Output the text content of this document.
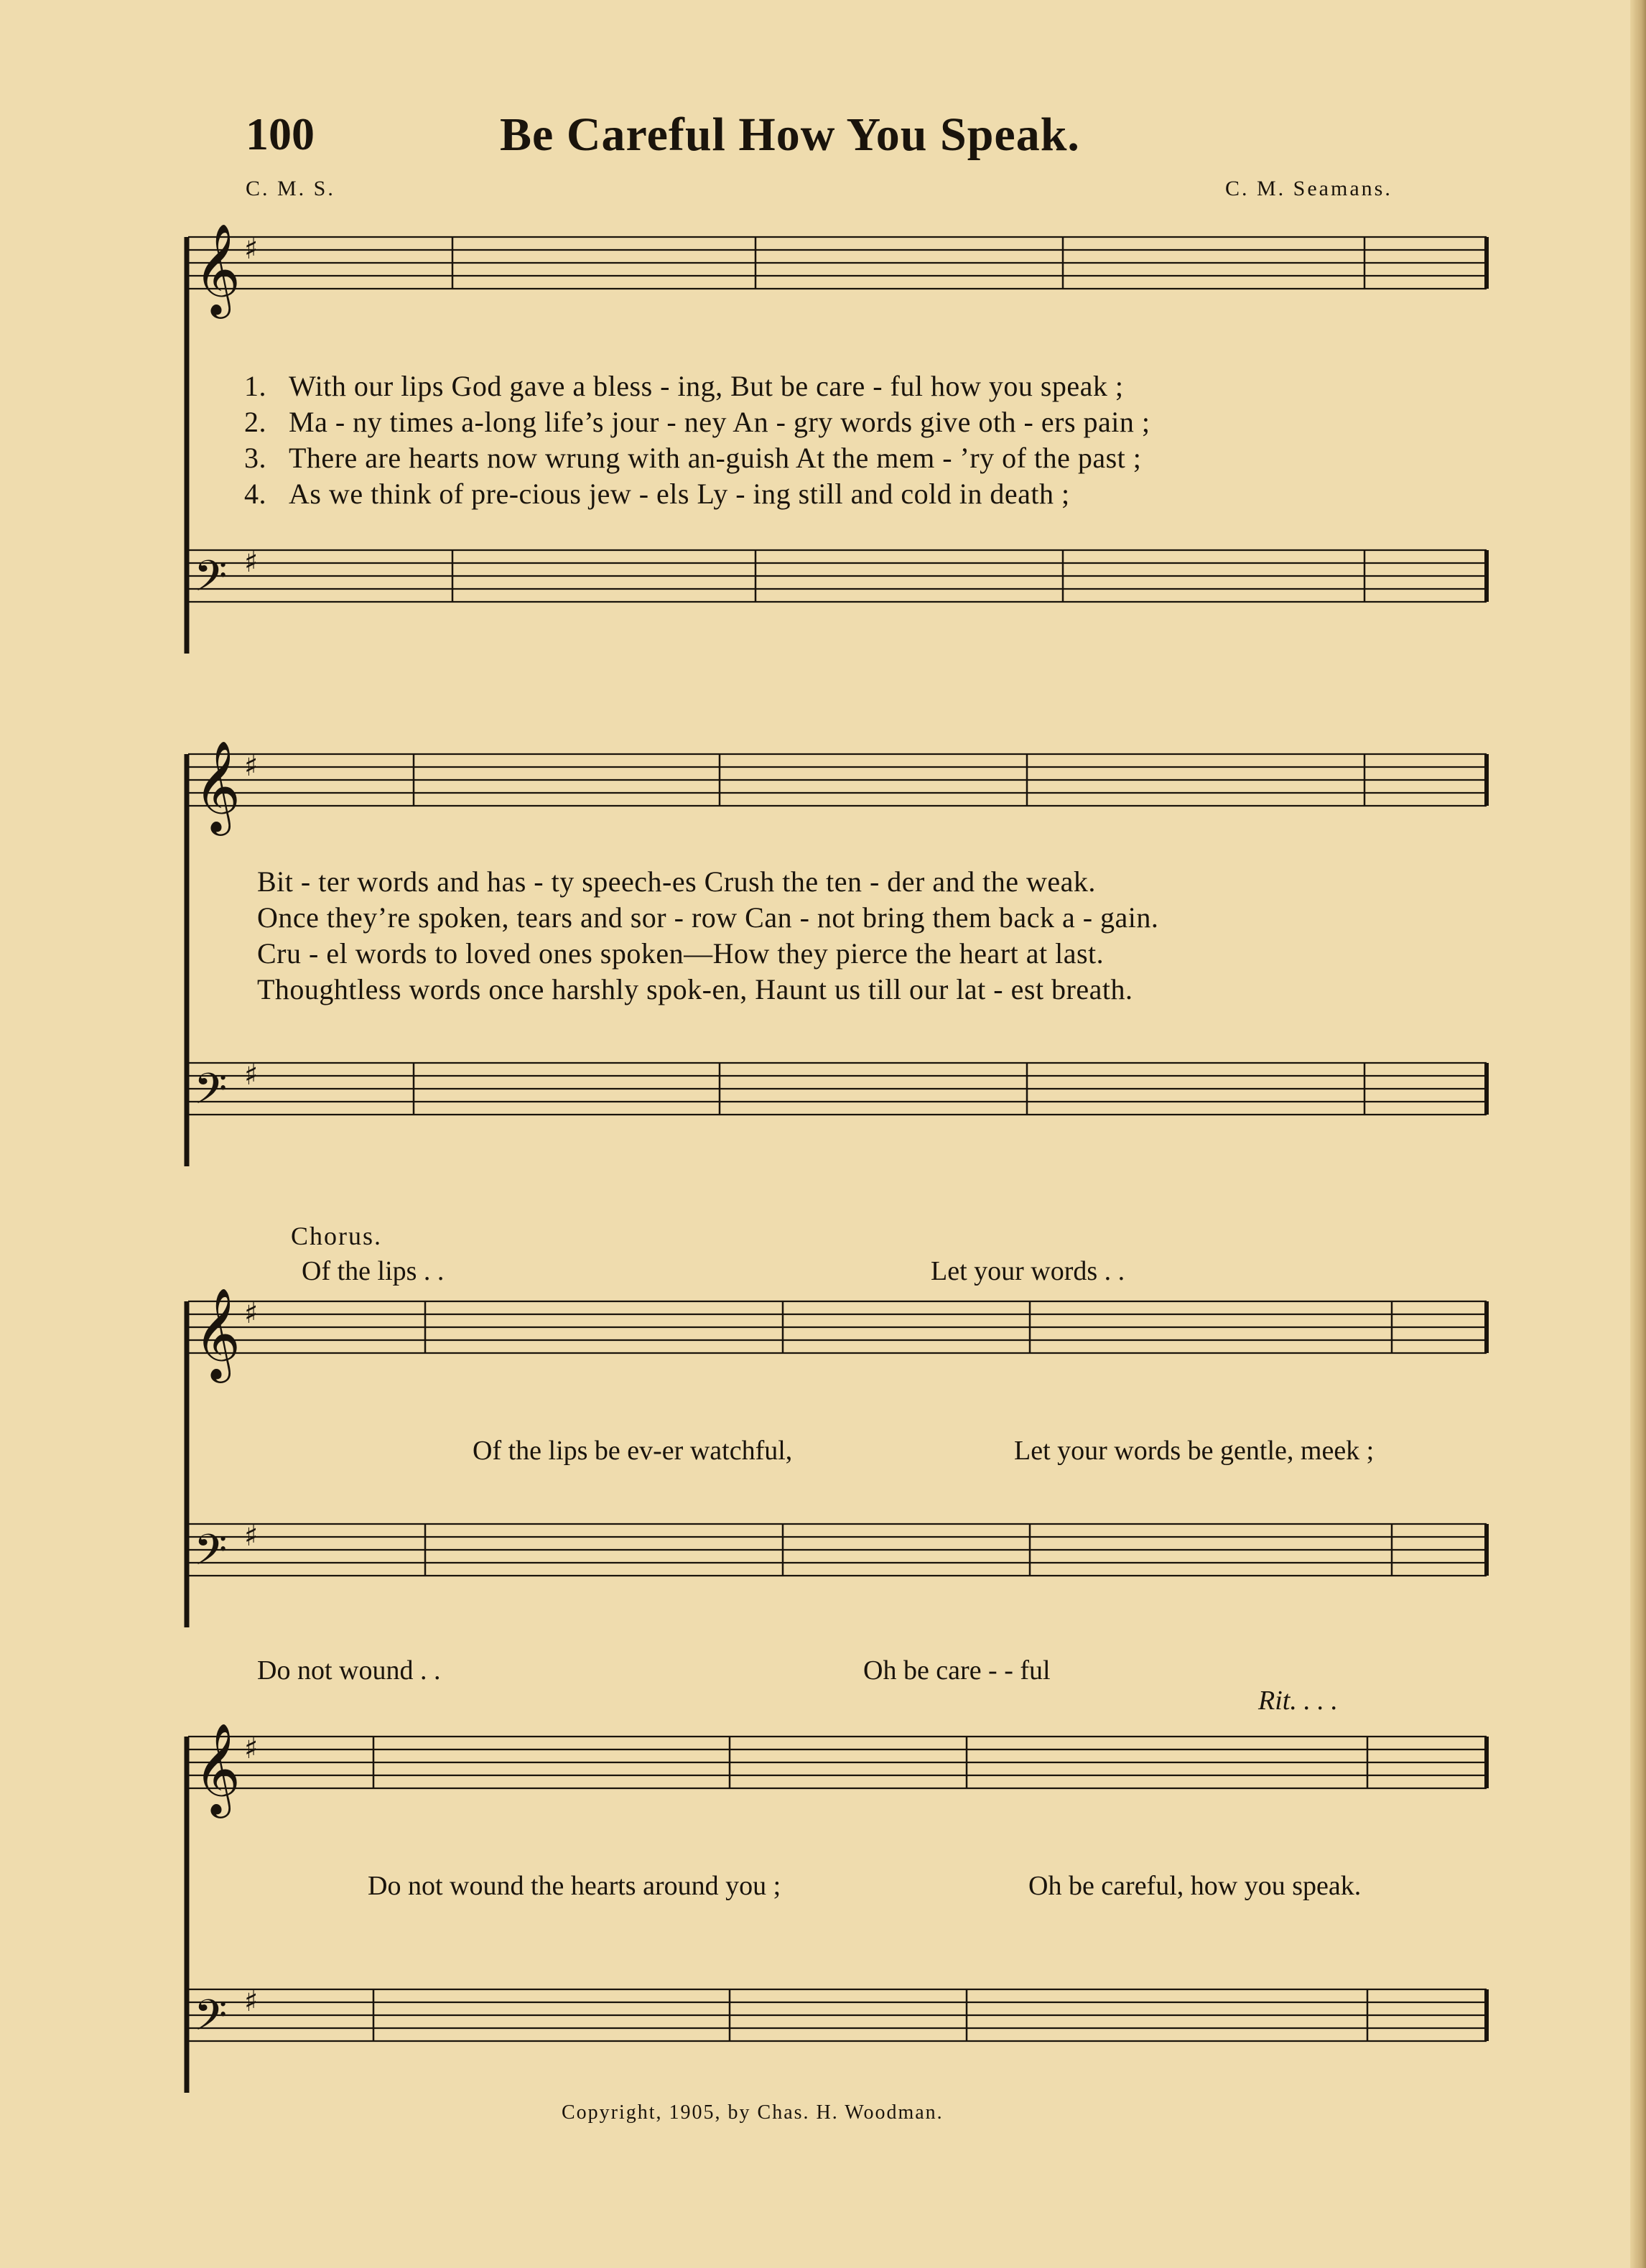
100	Be Careful How You Speak.
C. M. S.	C. M. Seamans.
𝄞 ♯
𝄢 ♯
𝄞 ♯
𝄢 ♯
𝄞 ♯
𝄢 ♯
𝄞 ♯
𝄢 ♯
1. With our lips God gave a bless - ing, But be care - ful how you speak ;
2. Ma - ny times a-long life’s jour - ney An - gry words give oth - ers pain ;
3. There are hearts now wrung with an-guish At the mem - ’ry of the past ;
4. As we think of pre-cious jew - els Ly - ing still and cold in death ;
Bit - ter words and has - ty speech-es Crush the ten - der and the weak.
Once they’re spoken, tears and sor - row Can - not bring them back a - gain.
Cru - el words to loved ones spoken—How they pierce the heart at last.
Thoughtless words once harshly spok-en, Haunt us till our lat - est breath.
Chorus.
Of the lips . .	Let your words . .
Of the lips be ev-er watchful,	Let your words be gentle, meek ;
Do not wound . .	Oh be care - - ful
Rit. . . .
Do not wound the hearts around you ;	Oh be careful, how you speak.
Copyright, 1905, by Chas. H. Woodman.
